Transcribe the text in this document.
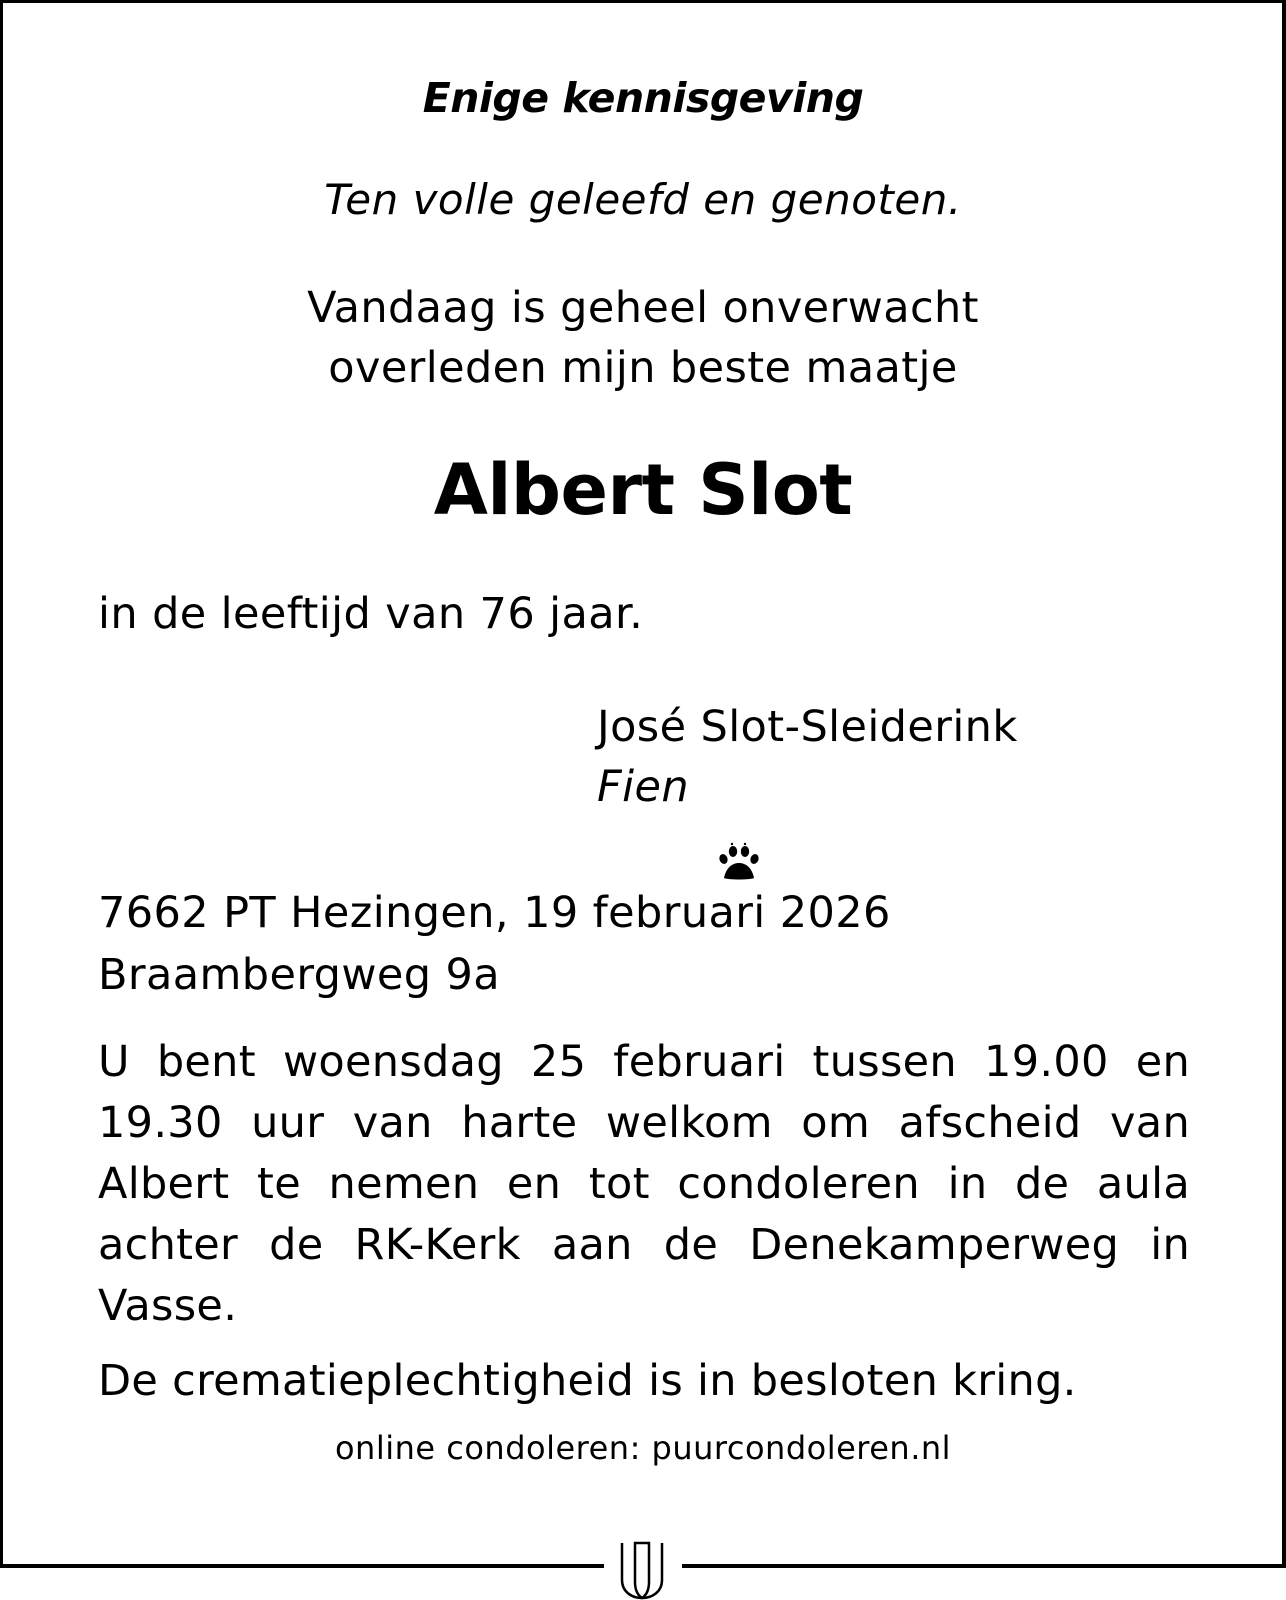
Enige kennisgeving

Ten volle geleefd en genoten.

Vandaag is geheel onverwacht
overleden mijn beste maatje

Albert Slot

in de leeftijd van 76 jaar.

José Slot-Sleiderink
Fien

7662 PT Hezingen, 19 februari 2026
Braambergweg 9a

U bent woensdag 25 februari tussen 19.00 en 19.30 uur van harte welkom om afscheid van Albert te nemen en tot condoleren in de aula achter de RK-Kerk aan de Denekamperweg in Vasse.

De crematieplechtigheid is in besloten kring.

online condoleren: puurcondoleren.nl
